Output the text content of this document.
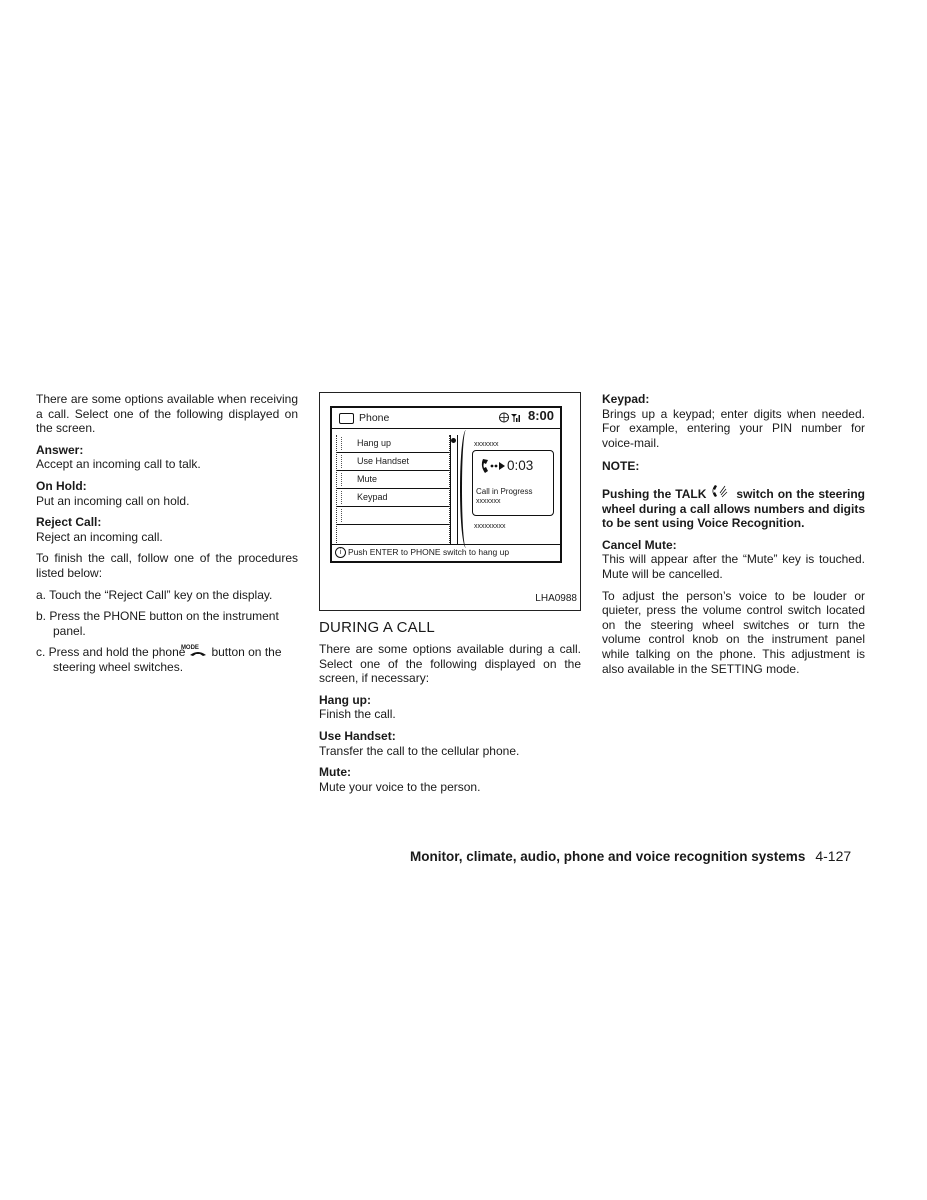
There are some options available when receiving a call. Select one of the following displayed on the screen.

Answer:

Accept an incoming call to talk.

On Hold:

Put an incoming call on hold.

Reject Call:

Reject an incoming call.

To finish the call, follow one of the procedures listed below:

a. Touch the “Reject Call” key on the display.

b. Press the PHONE button on the instrument panel.

c. Press and hold the phoneMODE button on the steering wheel switches.

Phone	8:00
Hang up
Use Handset
Mute
Keypad
xxxxxxx
0:03
Call in Progress
xxxxxxx
xxxxxxxxx
i Push ENTER to PHONE switch to hang up
LHA0988

DURING A CALL

There are some options available during a call. Select one of the following displayed on the screen, if necessary:

Hang up:

Finish the call.

Use Handset:

Transfer the call to the cellular phone.

Mute:

Mute your voice to the person.

Keypad:

Brings up a keypad; enter digits when needed. For example, entering your PIN number for voice-mail.

NOTE:

Pushing the TALK	switch on the steering wheel during a call allows numbers and digits to be sent using Voice Recognition.

Cancel Mute:

This will appear after the “Mute” key is touched. Mute will be cancelled.

To adjust the person’s voice to be louder or quieter, press the volume control switch located on the steering wheel switches or turn the volume control knob on the instrument panel while talking on the phone. This adjustment is also available in the SETTING mode.

Monitor, climate, audio, phone and voice recognition systems 4-127
